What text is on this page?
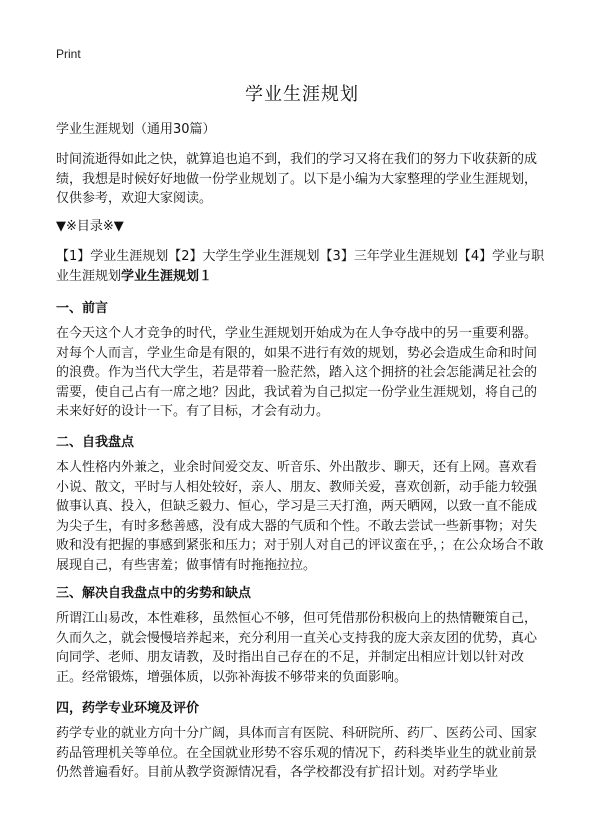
Print
学业生涯规划

学业生涯规划（通用30篇）

时间流逝得如此之快，就算追也追不到，我们的学习又将在我们的努力下收获新的成绩，我想是时候好好地做一份学业规划了。以下是小编为大家整理的学业生涯规划，仅供参考，欢迎大家阅读。

▼※目录※▼

【1】学业生涯规划【2】大学生学业生涯规划【3】三年学业生涯规划【4】学业与职业生涯规划学业生涯规划１

一、前言

在今天这个人才竞争的时代，学业生涯规划开始成为在人争夺战中的另一重要利器。对每个人而言，学业生命是有限的，如果不进行有效的规划，势必会造成生命和时间的浪费。作为当代大学生，若是带着一脸茫然，踏入这个拥挤的社会怎能满足社会的需要，使自己占有一席之地？因此，我试着为自己拟定一份学业生涯规划，将自己的未来好好的设计一下。有了目标，才会有动力。

二、自我盘点

本人性格内外兼之，业余时间爱交友、听音乐、外出散步、聊天，还有上网。喜欢看小说、散文，平时与人相处较好，亲人、朋友、教师关爱，喜欢创新，动手能力较强做事认真、投入，但缺乏毅力、恒心，学习是三天打渔，两天晒网，以致一直不能成为尖子生，有时多愁善感，没有成大器的气质和个性。不敢去尝试一些新事物；对失败和没有把握的事感到紧张和压力；对于别人对自己的评议蛮在乎，；在公众场合不敢展现自己，有些害羞；做事情有时拖拖拉拉。

三、解决自我盘点中的劣势和缺点

所谓江山易改，本性难移，虽然恒心不够，但可凭借那份积极向上的热情鞭策自己，久而久之，就会慢慢培养起来，充分利用一直关心支持我的庞大亲友团的优势，真心向同学、老师、朋友请教，及时指出自己存在的不足，并制定出相应计划以针对改正。经常锻炼，增强体质，以弥补海拔不够带来的负面影响。

四，药学专业环境及评价

药学专业的就业方向十分广阔，具体而言有医院、科研院所、药厂、医药公司、国家药品管理机关等单位。在全国就业形势不容乐观的情况下，药科类毕业生的就业前景仍然普遍看好。目前从教学资源情况看，各学校都没有扩招计划。对药学毕业
